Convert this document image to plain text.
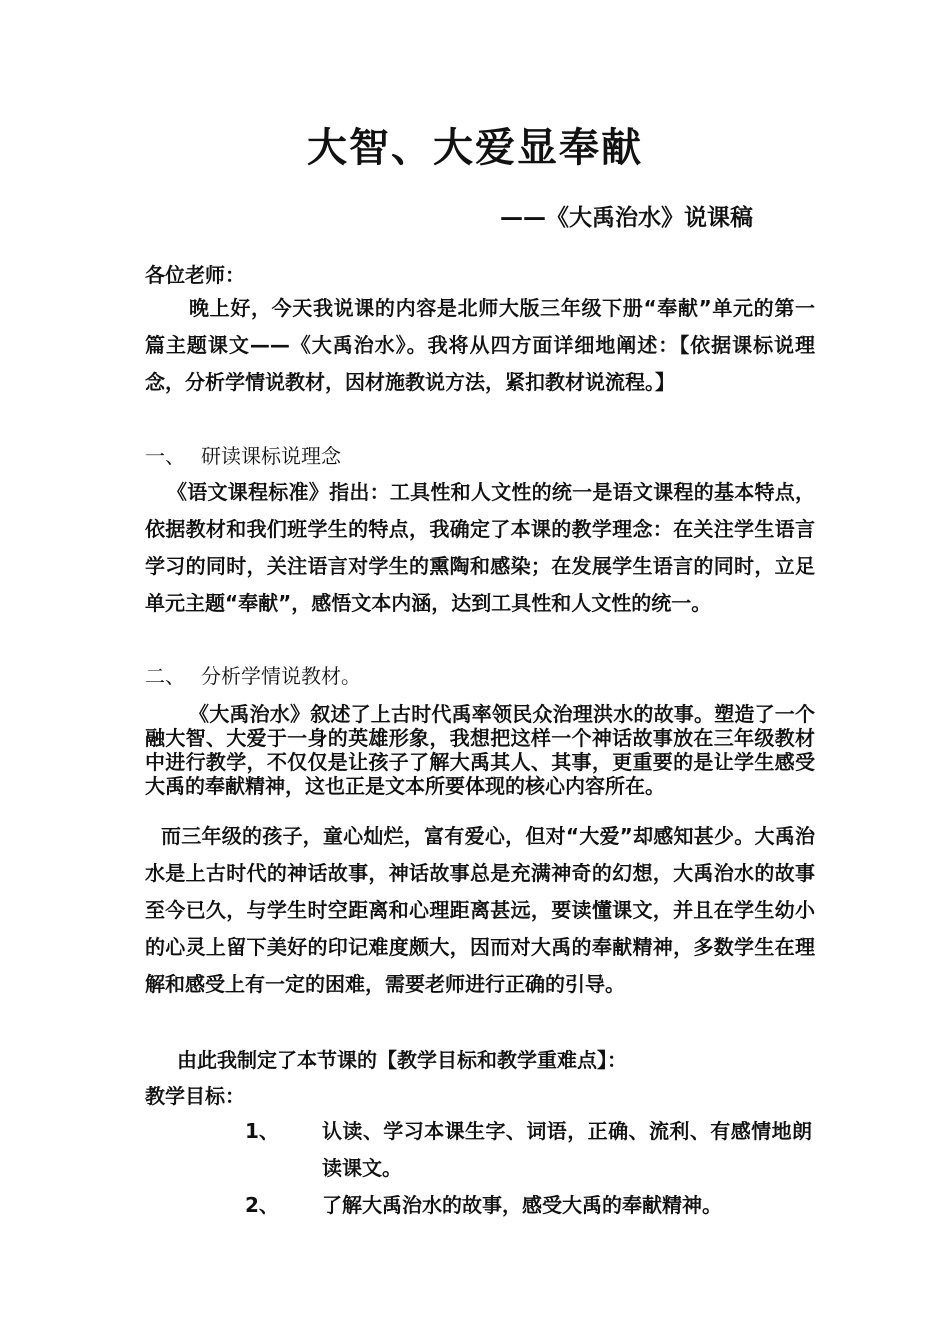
大智、大爱显奉献
——《大禹治水》说课稿

各位老师：

晚上好，今天我说课的内容是北师大版三年级下册“奉献”单元的第一篇主题课文——《大禹治水》。我将从四方面详细地阐述：【依据课标说理念，分析学情说教材，因材施教说方法，紧扣教材说流程。】

一、 研读课标说理念

《语文课程标准》指出：工具性和人文性的统一是语文课程的基本特点，依据教材和我们班学生的特点，我确定了本课的教学理念：在关注学生语言学习的同时，关注语言对学生的熏陶和感染；在发展学生语言的同时，立足单元主题“奉献”，感悟文本内涵，达到工具性和人文性的统一。

二、 分析学情说教材。

《大禹治水》叙述了上古时代禹率领民众治理洪水的故事。塑造了一个融大智、大爱于一身的英雄形象，我想把这样一个神话故事放在三年级教材中进行教学，不仅仅是让孩子了解大禹其人、其事，更重要的是让学生感受大禹的奉献精神，这也正是文本所要体现的核心内容所在。

而三年级的孩子，童心灿烂，富有爱心，但对“大爱”却感知甚少。大禹治水是上古时代的神话故事，神话故事总是充满神奇的幻想，大禹治水的故事至今已久，与学生时空距离和心理距离甚远，要读懂课文，并且在学生幼小的心灵上留下美好的印记难度颇大，因而对大禹的奉献精神，多数学生在理解和感受上有一定的困难，需要老师进行正确的引导。

由此我制定了本节课的【教学目标和教学重难点】：

教学目标：

1、 认读、学习本课生字、词语，正确、流利、有感情地朗读课文。
2、 了解大禹治水的故事，感受大禹的奉献精神。
